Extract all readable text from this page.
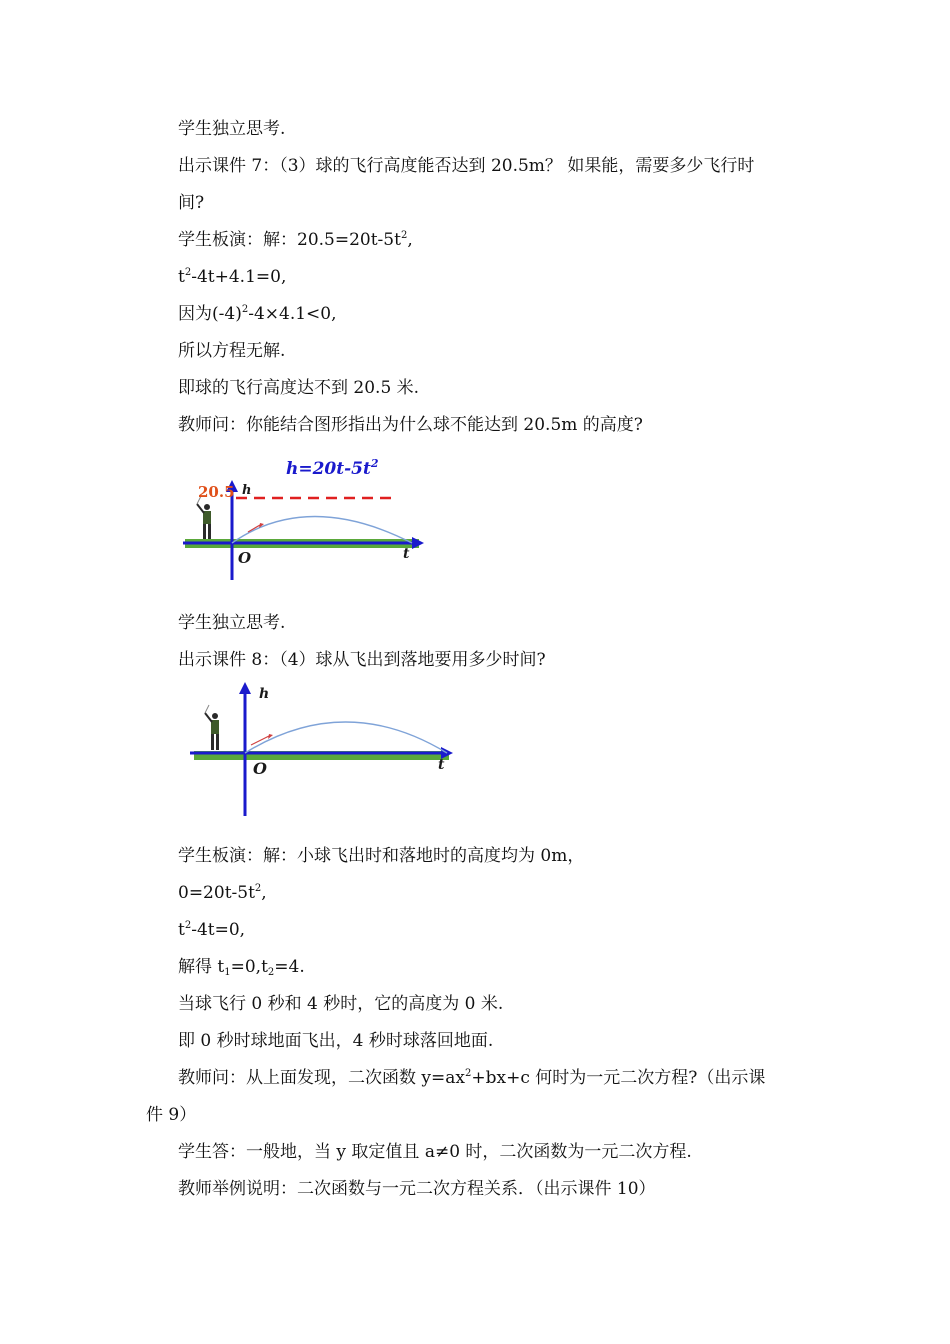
学生独立思考.
出示课件 7：（3）球的飞行高度能否达到 20.5m？ 如果能，需要多少飞行时
间?
学生板演：解：$20.5=20t-5t^2$,
$t^2-4t+4.1=0$,
因为$(-4)^2-4\times 4.1<0$,
所以方程无解.
即球的飞行高度达不到 20.5 米.
教师问：你能结合图形指出为什么球不能达到 20.5m 的高度?
20.5 h
O	t
$h=20t-5t^2$
学生独立思考.
出示课件 8：（4）球从飞出到落地要用多少时间?
h
O	t
学生板演：解：小球飞出时和落地时的高度均为 0m，
$0=20t-5t^2$,
$t^2-4t=0$,
解得 $t_1=0,t_2=4$.
当球飞行 0 秒和 4 秒时，它的高度为 0 米.
即 0 秒时球地面飞出，4 秒时球落回地面.
教师问：从上面发现，二次函数 $y=ax^2+bx+c$ 何时为一元二次方程?（出示课
件 9）
学生答：一般地，当 y 取定值且 a≠0 时，二次函数为一元二次方程.
教师举例说明：二次函数与一元二次方程关系．（出示课件 10）
